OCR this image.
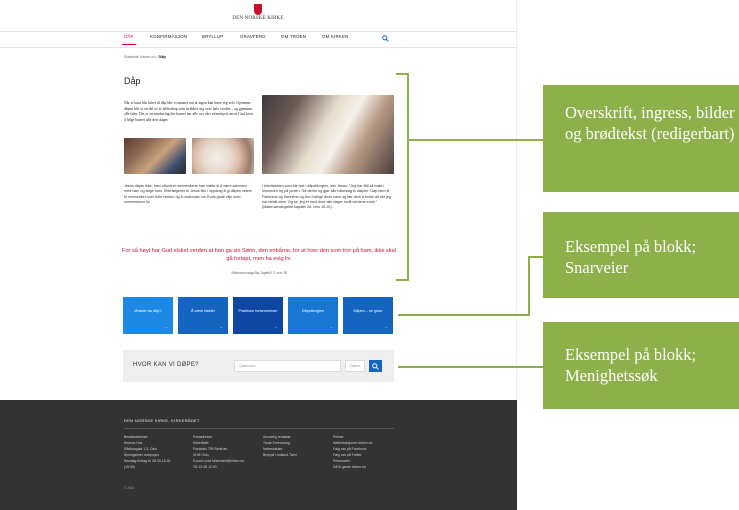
DEN NORSKE KIRKE
DÅP	KONFIRMASJON	BRYLLUP	GRAVFERD	OM TROEN	OM KIRKEN
Startside kirken.no / Dåp
Dåp
Når et barn blir båret til dåp blir vi minnet om at ingen kan bære seg selv. Gjennom dåpen blir vi en del av et fellesskap som strekker seg over hele verden – og gjennom alle tider. Det er en markering der barnet har alle oss vårt vitnesbyrd om at Gud lover å følge barnet alle dets dager.
Jesus døpte ikke, men utfordret menneskene han møtte til å være sammen med ham og følge ham. Etterfølgerne til Jesus fikk i oppdrag å gi dåpen videre til mennesker over hele verden og å undervise om Guds gode vilje med menneskene liv.
I bibelteksten som blir lest i dåpsliturgien, sier Jesus: "Jeg har fått all makt i himmelen og på jorden. Gå derfor og gjør alle folkeslag til disipler: Døp dem til Faderens og Sønnens og Den hellige ånds navn og lær dem å holde alt det jeg har befalt dere. Og se, jeg er med dere alle dager inntil verdens ende." (Matteusevangeliet kapittel 28, vers 18-20).
For så høyt har Gud elsket verden at han ga sin Sønn, den enbårne, for at hver den som tror på ham, ikke skal gå fortapt, men ha evig liv.
Johannesevangeliet, kapittel 3, vers 16
Ønsker du dåp?
→
Å være fadder
→
Praktiske forberedelser
→
Dåpsliturgien
→
Dåpen – en gave
→
HVOR KAN VI DØPE?	Gatenavn	Gatenr.
DEN NORSKE KIRKE, KIRKERÅDET
Besøksadresse:
Kirkens Hus
Rådhusgata 1-3, Oslo
Åpningstider resepsjon:
Mandag-fredag kl. 08.30-15.30
(15.00)
Postadresse:
Kirkerådet
Postboks 799 Sentrum
0106 Oslo
E-post: post.kirkeradet@kirken.no
Tlf: 23 08 12 00
Ansvarlig redaktør:
Trude Evenshaug
Nettredaktør:
Brynjulf Lindland-Tønn
Presse
Nettredaksjonen kirken.no
Følg oss på Facebook
Følg oss på Twitter
Personvern
Gå til gamle kirken.no
© 2014
Overskrift, ingress, bilder og brødtekst (redigerbart)
Eksempel på blokk; Snarveier
Eksempel på blokk; Menighetssøk
